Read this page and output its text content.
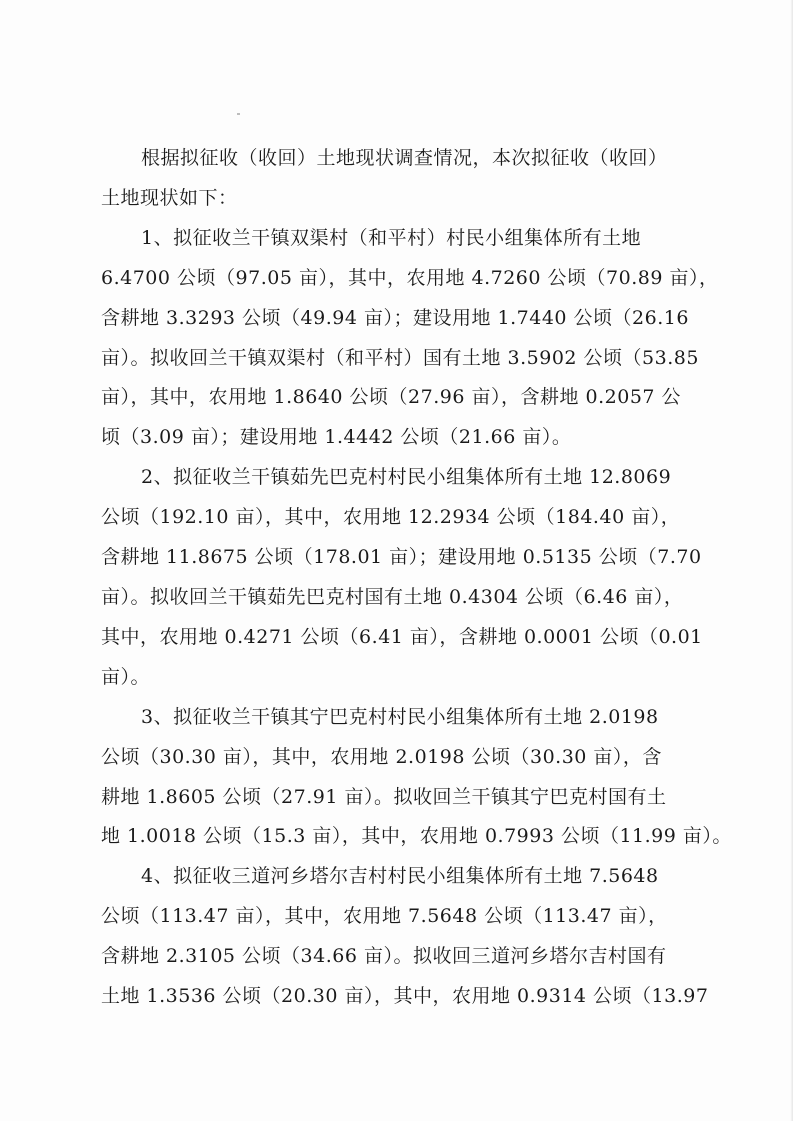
根据拟征收（收回）土地现状调查情况，本次拟征收（收回）
土地现状如下：

1、拟征收兰干镇双渠村（和平村）村民小组集体所有土地
6.4700 公顷（97.05 亩），其中，农用地 4.7260 公顷（70.89 亩），
含耕地 3.3293 公顷（49.94 亩）；建设用地 1.7440 公顷（26.16
亩）。拟收回兰干镇双渠村（和平村）国有土地 3.5902 公顷（53.85
亩），其中，农用地 1.8640 公顷（27.96 亩），含耕地 0.2057 公
顷（3.09 亩）；建设用地 1.4442 公顷（21.66 亩）。

2、拟征收兰干镇茹先巴克村村民小组集体所有土地 12.8069
公顷（192.10 亩），其中，农用地 12.2934 公顷（184.40 亩），
含耕地 11.8675 公顷（178.01 亩）；建设用地 0.5135 公顷（7.70
亩）。拟收回兰干镇茹先巴克村国有土地 0.4304 公顷（6.46 亩），
其中，农用地 0.4271 公顷（6.41 亩），含耕地 0.0001 公顷（0.01
亩）。

3、拟征收兰干镇其宁巴克村村民小组集体所有土地 2.0198
公顷（30.30 亩），其中，农用地 2.0198 公顷（30.30 亩），含
耕地 1.8605 公顷（27.91 亩）。拟收回兰干镇其宁巴克村国有土
地 1.0018 公顷（15.3 亩），其中，农用地 0.7993 公顷（11.99 亩）。

4、拟征收三道河乡塔尔吉村村民小组集体所有土地 7.5648
公顷（113.47 亩），其中，农用地 7.5648 公顷（113.47 亩），
含耕地 2.3105 公顷（34.66 亩）。拟收回三道河乡塔尔吉村国有
土地 1.3536 公顷（20.30 亩），其中，农用地 0.9314 公顷（13.97
